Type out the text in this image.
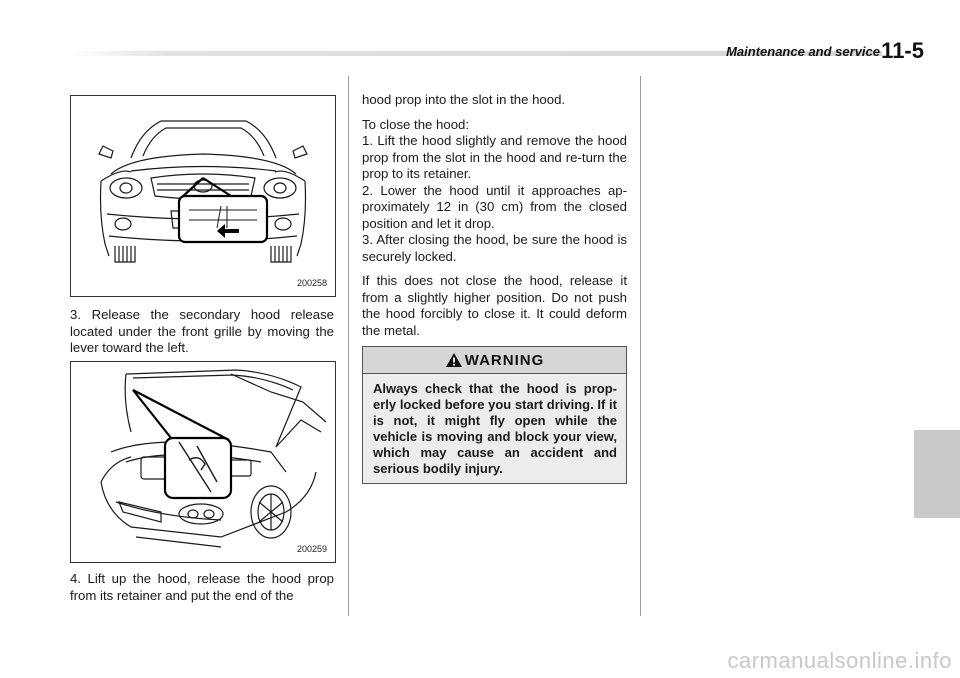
Maintenance and service 11-5
200258
3. Release the secondary hood release located under the front grille by moving the lever toward the left.
200259
4. Lift up the hood, release the hood prop from its retainer and put the end of the

hood prop into the slot in the hood.

To close the hood:
1. Lift the hood slightly and remove the hood prop from the slot in the hood and re-turn the prop to its retainer.
2. Lower the hood until it approaches ap-proximately 12 in (30 cm) from the closed position and let it drop.

3. After closing the hood, be sure the hood is securely locked.

If this does not close the hood, release it from a slightly higher position. Do not push the hood forcibly to close it. It could deform the metal.

WARNING
Always check that the hood is prop-erly locked before you start driving. If it is not, it might fly open while the vehicle is moving and block your view, which may cause an accident and serious bodily injury.
carmanualsonline.info
